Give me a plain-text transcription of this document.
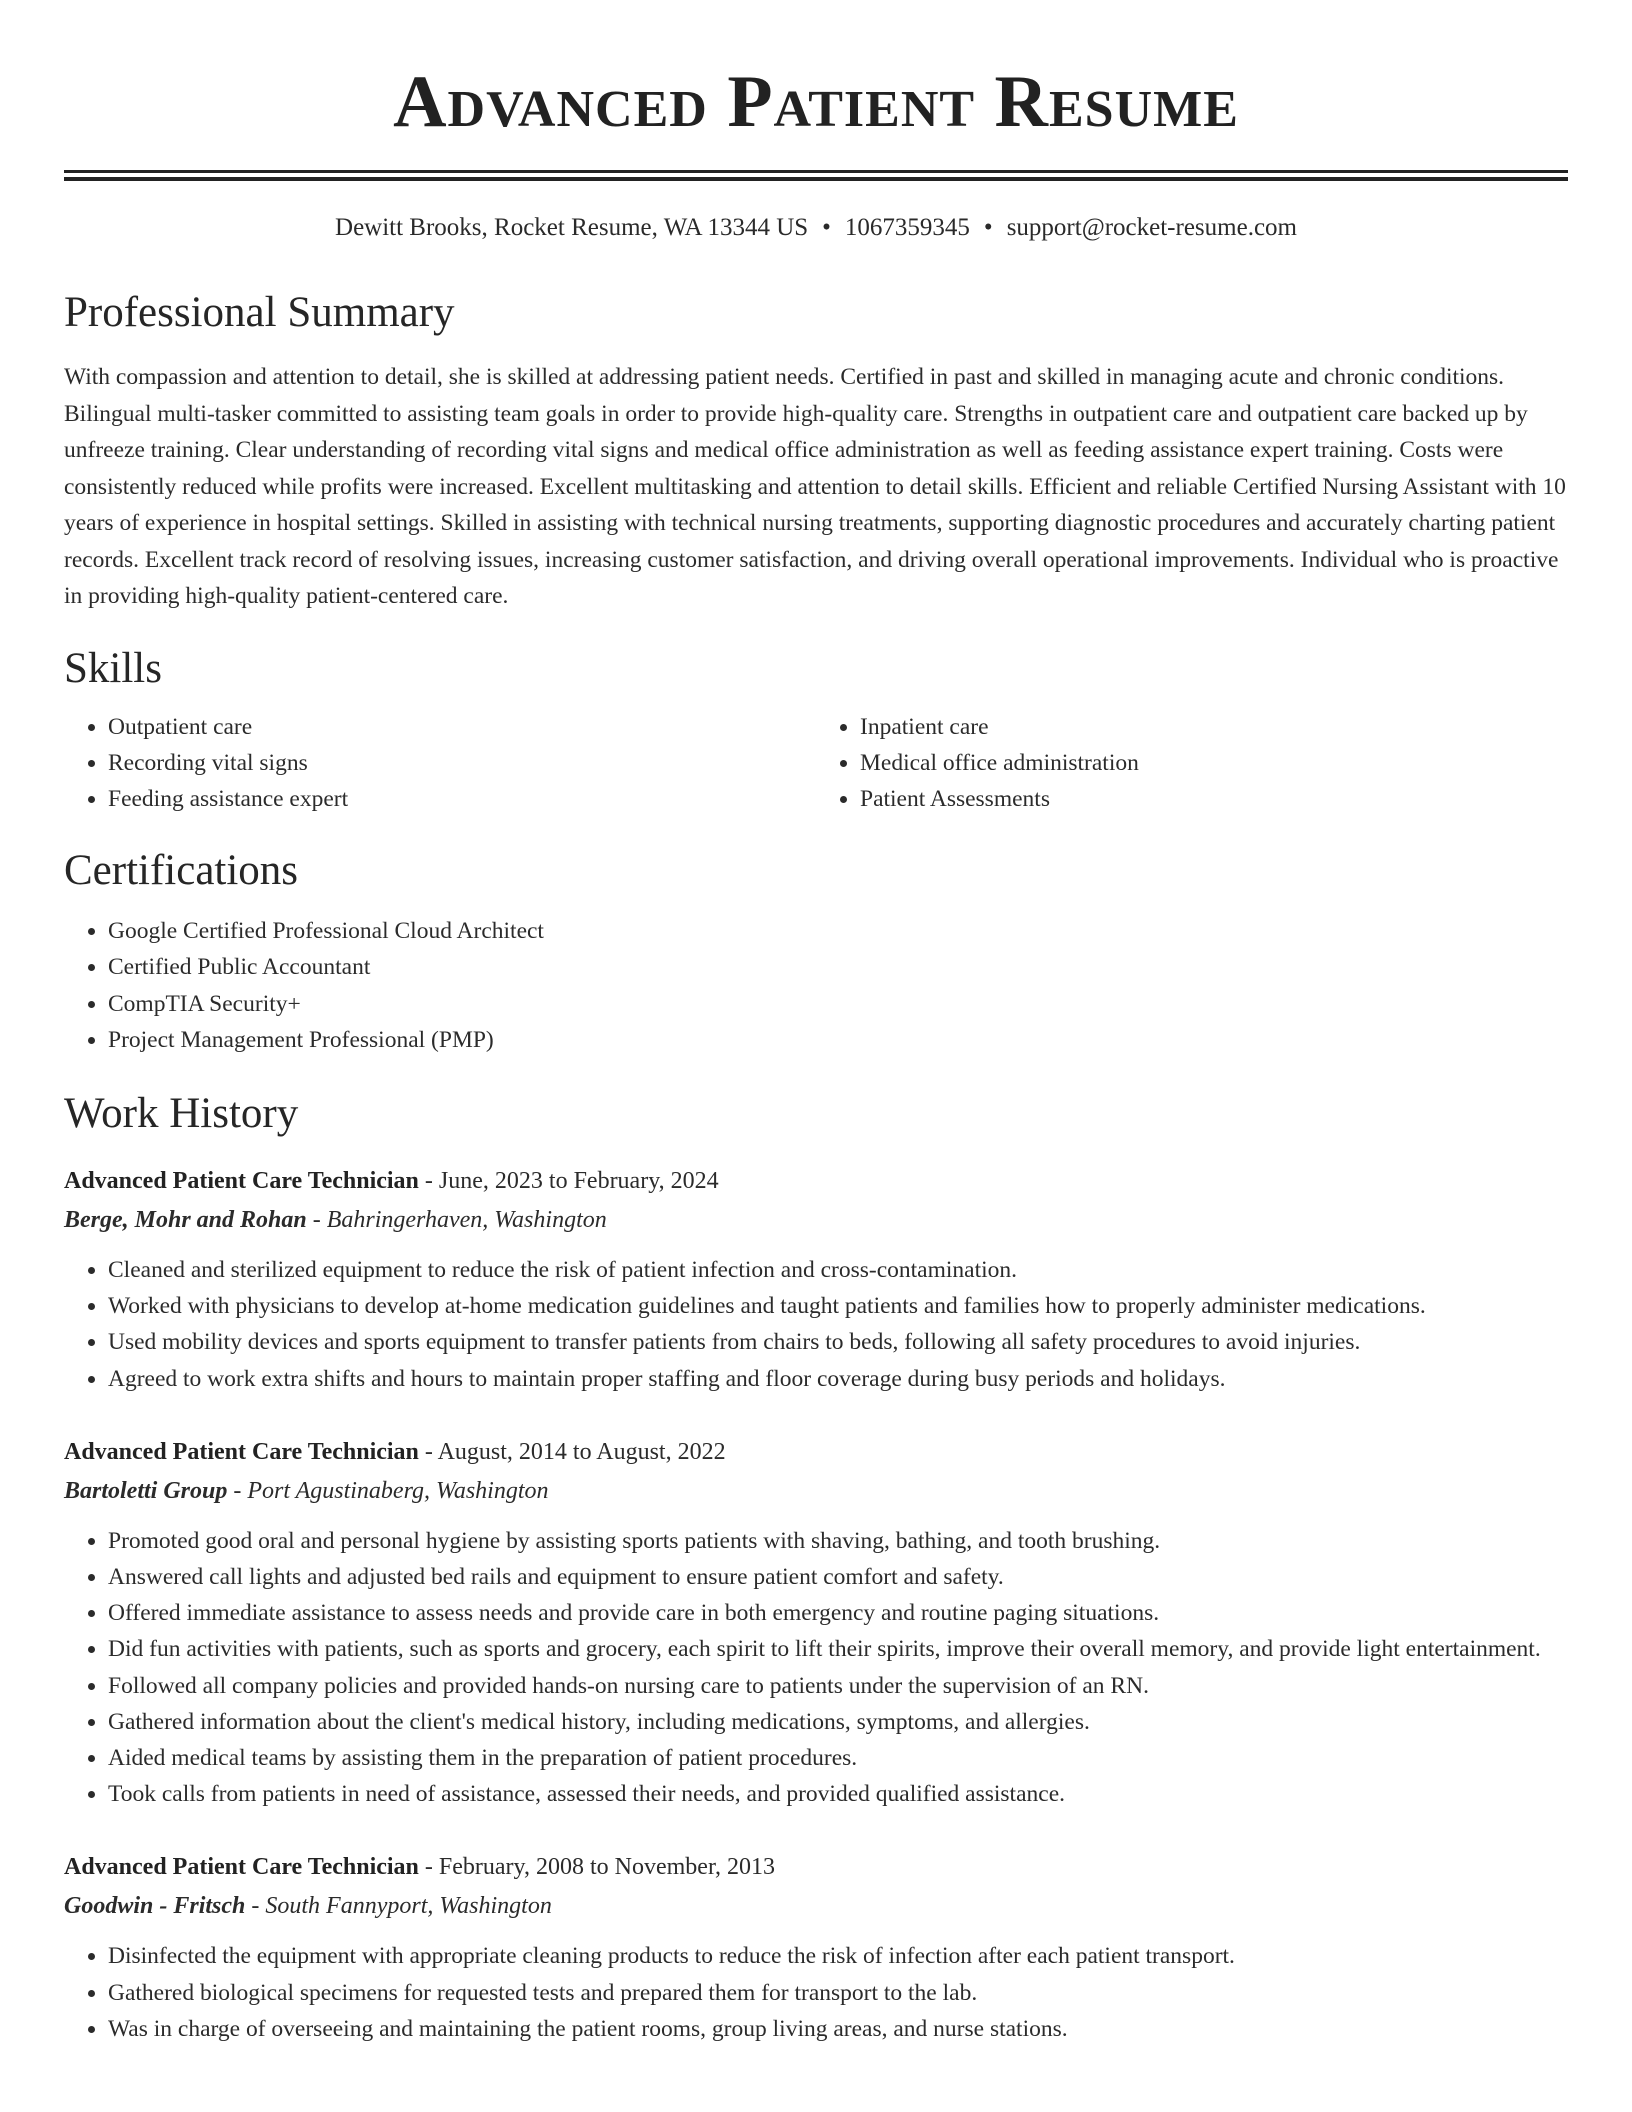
Advanced Patient Resume
Dewitt Brooks, Rocket Resume, WA 13344 US • 1067359345 • support@rocket-resume.com
Professional Summary

With compassion and attention to detail, she is skilled at addressing patient needs. Certified in past and skilled in managing acute and chronic conditions. Bilingual multi-tasker committed to assisting team goals in order to provide high-quality care. Strengths in outpatient care and outpatient care backed up by unfreeze training. Clear understanding of recording vital signs and medical office administration as well as feeding assistance expert training. Costs were consistently reduced while profits were increased. Excellent multitasking and attention to detail skills. Efficient and reliable Certified Nursing Assistant with 10 years of experience in hospital settings. Skilled in assisting with technical nursing treatments, supporting diagnostic procedures and accurately charting patient records. Excellent track record of resolving issues, increasing customer satisfaction, and driving overall operational improvements. Individual who is proactive in providing high-quality patient-centered care.

Skills
• Outpatient care
• Recording vital signs
• Feeding assistance expert
• Inpatient care
• Medical office administration
• Patient Assessments
Certifications
• Google Certified Professional Cloud Architect
• Certified Public Accountant
• CompTIA Security+
• Project Management Professional (PMP)
Work History
Advanced Patient Care Technician - June, 2023 to February, 2024
Berge, Mohr and Rohan - Bahringerhaven, Washington
• Cleaned and sterilized equipment to reduce the risk of patient infection and cross-contamination.
• Worked with physicians to develop at-home medication guidelines and taught patients and families how to properly administer medications.
• Used mobility devices and sports equipment to transfer patients from chairs to beds, following all safety procedures to avoid injuries.
• Agreed to work extra shifts and hours to maintain proper staffing and floor coverage during busy periods and holidays.
Advanced Patient Care Technician - August, 2014 to August, 2022
Bartoletti Group - Port Agustinaberg, Washington
• Promoted good oral and personal hygiene by assisting sports patients with shaving, bathing, and tooth brushing.
• Answered call lights and adjusted bed rails and equipment to ensure patient comfort and safety.
• Offered immediate assistance to assess needs and provide care in both emergency and routine paging situations.
• Did fun activities with patients, such as sports and grocery, each spirit to lift their spirits, improve their overall memory, and provide light entertainment.
• Followed all company policies and provided hands-on nursing care to patients under the supervision of an RN.
• Gathered information about the client's medical history, including medications, symptoms, and allergies.
• Aided medical teams by assisting them in the preparation of patient procedures.
• Took calls from patients in need of assistance, assessed their needs, and provided qualified assistance.
Advanced Patient Care Technician - February, 2008 to November, 2013
Goodwin - Fritsch - South Fannyport, Washington
• Disinfected the equipment with appropriate cleaning products to reduce the risk of infection after each patient transport.
• Gathered biological specimens for requested tests and prepared them for transport to the lab.
• Was in charge of overseeing and maintaining the patient rooms, group living areas, and nurse stations.
